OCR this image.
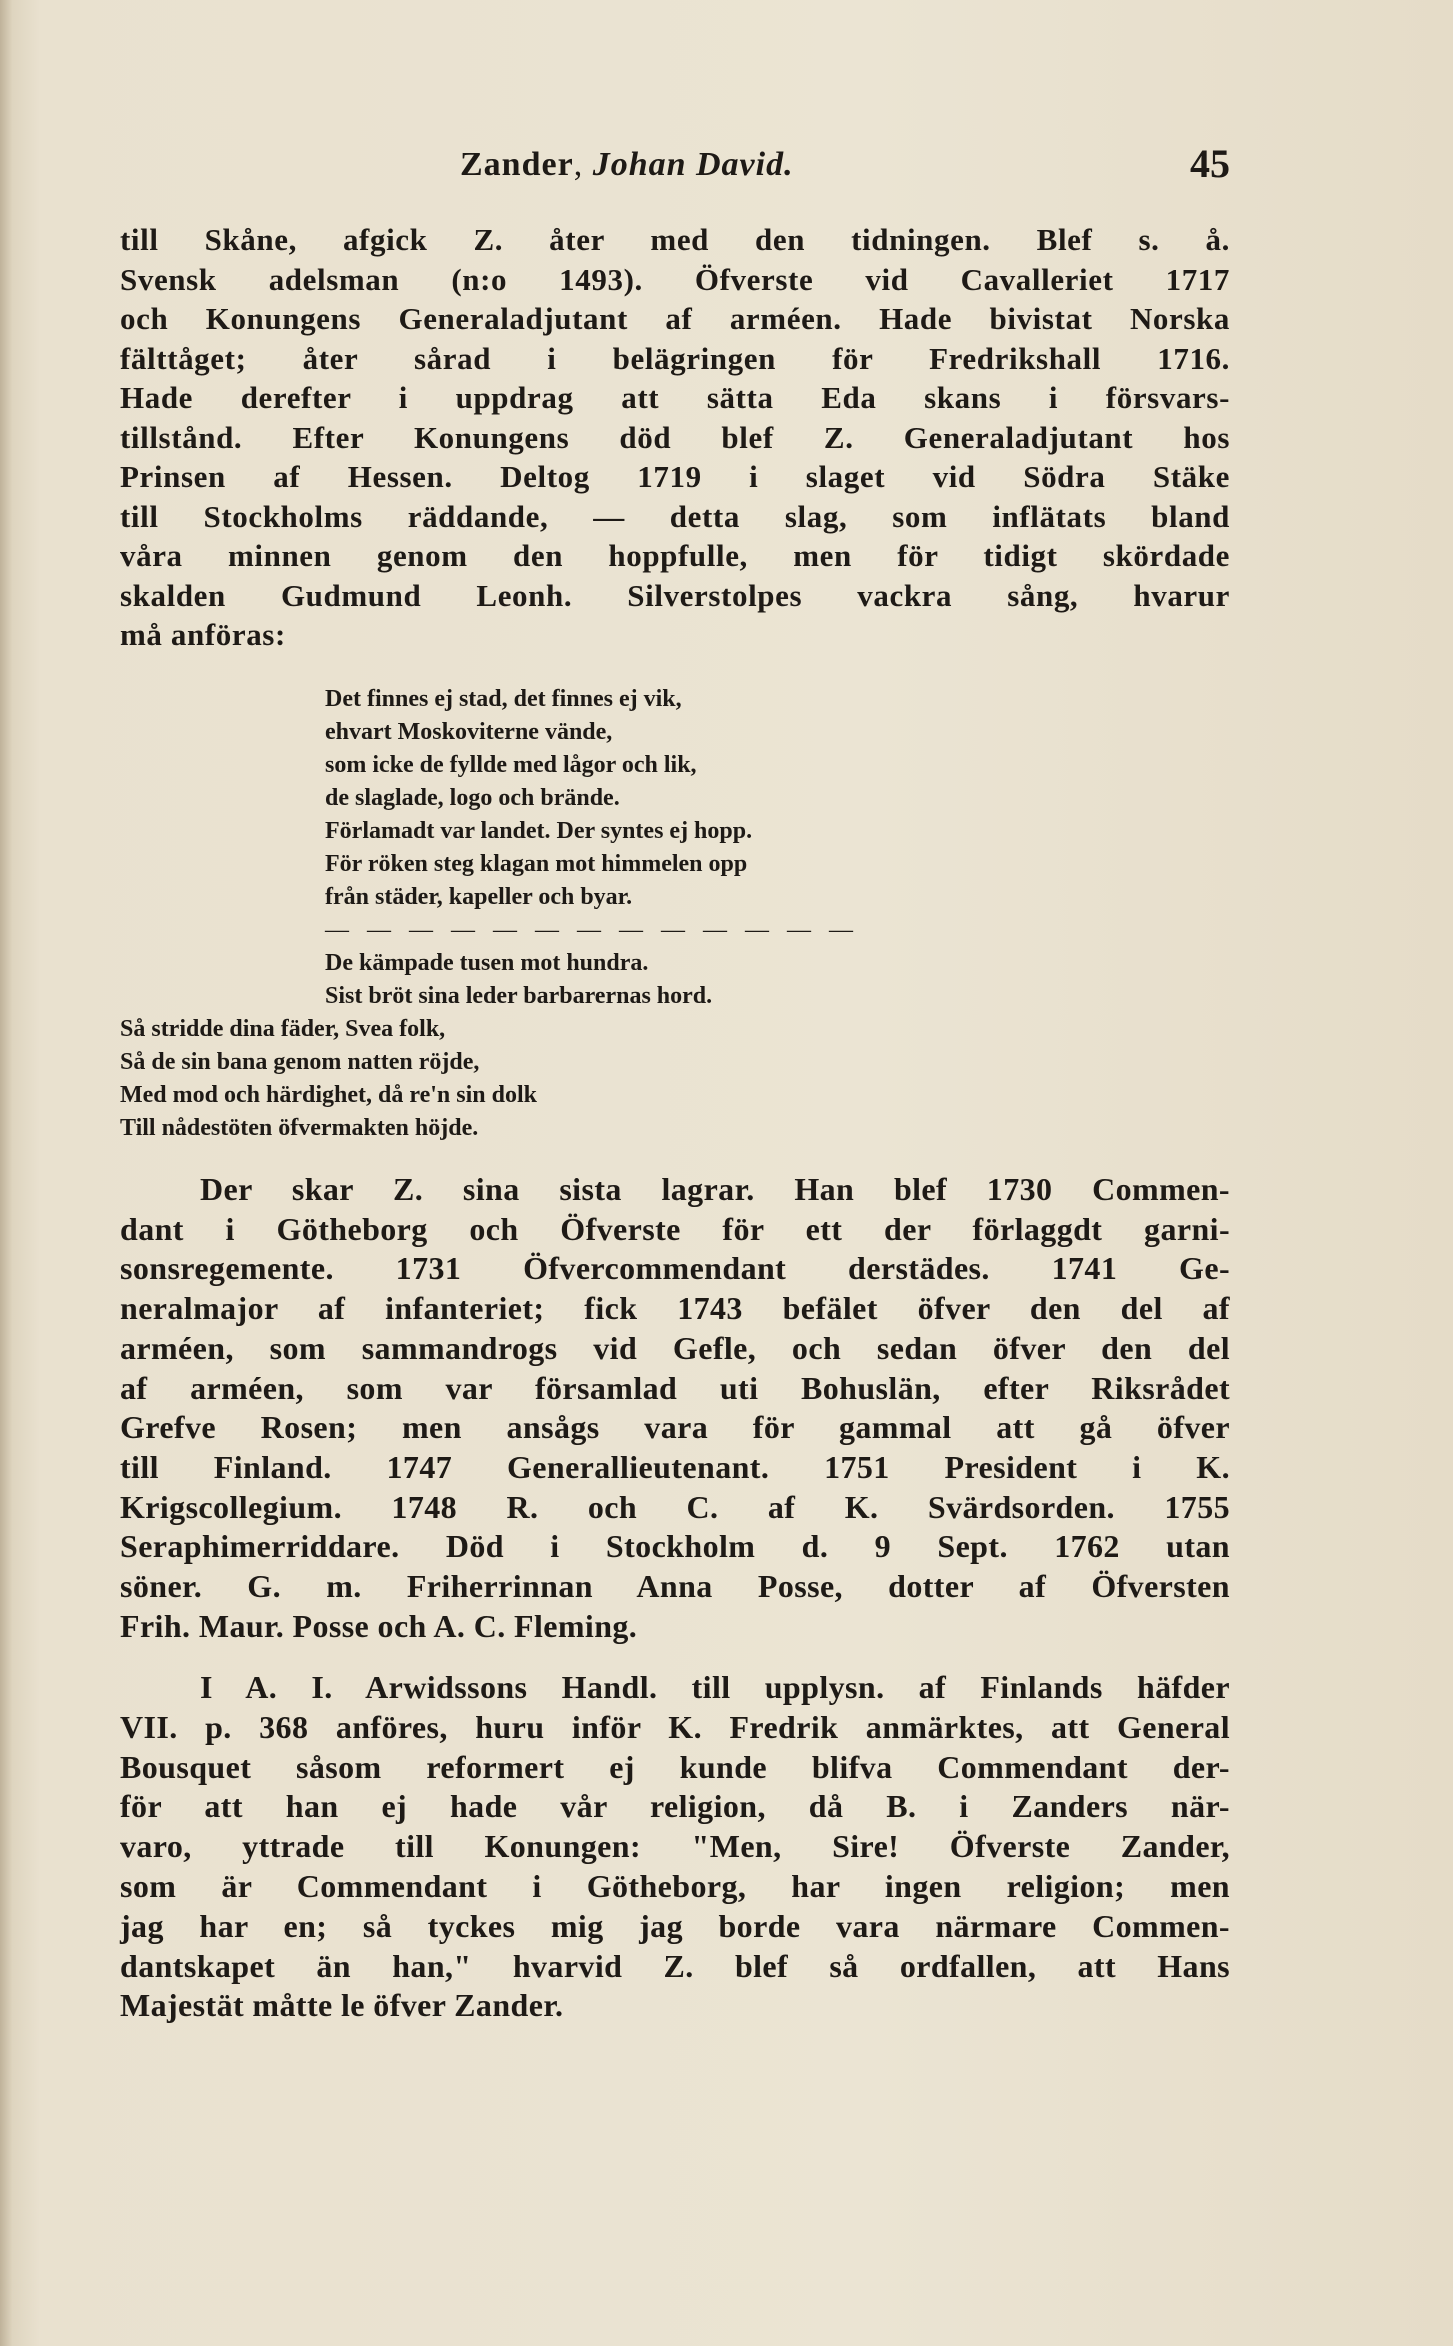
Zander, Johan David.	45
till Skåne, afgick Z. åter med den tidningen. Blef s. å.
Svensk adelsman (n:o 1493). Öfverste vid Cavalleriet 1717
och Konungens Generaladjutant af arméen. Hade bivistat Norska
fälttåget; åter sårad i belägringen för Fredrikshall 1716.
Hade derefter i uppdrag att sätta Eda skans i försvars-
tillstånd. Efter Konungens död blef Z. Generaladjutant hos
Prinsen af Hessen. Deltog 1719 i slaget vid Södra Stäke
till Stockholms räddande, — detta slag, som inflätats bland
våra minnen genom den hoppfulle, men för tidigt skördade
skalden Gudmund Leonh. Silverstolpes vackra sång, hvarur
må anföras:
Det finnes ej stad, det finnes ej vik,
ehvart Moskoviterne vände,
som icke de fyllde med lågor och lik,
de slaglade, logo och brände.
Förlamadt var landet. Der syntes ej hopp.
För röken steg klagan mot himmelen opp
från städer, kapeller och byar.
— — — — — — — — — — — — —
De kämpade tusen mot hundra.
Sist bröt sina leder barbarernas hord.
Så stridde dina fäder, Svea folk,
Så de sin bana genom natten röjde,
Med mod och härdighet, då re'n sin dolk
Till nådestöten öfvermakten höjde.
Der skar Z. sina sista lagrar. Han blef 1730 Commen-
dant i Götheborg och Öfverste för ett der förlaggdt garni-
sonsregemente. 1731 Öfvercommendant derstädes. 1741 Ge-
neralmajor af infanteriet; fick 1743 befälet öfver den del af
arméen, som sammandrogs vid Gefle, och sedan öfver den del
af arméen, som var församlad uti Bohuslän, efter Riksrådet
Grefve Rosen; men ansågs vara för gammal att gå öfver
till Finland. 1747 Generallieutenant. 1751 President i K.
Krigscollegium. 1748 R. och C. af K. Svärdsorden. 1755
Seraphimerriddare. Död i Stockholm d. 9 Sept. 1762 utan
söner. G. m. Friherrinnan Anna Posse, dotter af Öfversten
Frih. Maur. Posse och A. C. Fleming.
I A. I. Arwidssons Handl. till upplysn. af Finlands häfder
VII. p. 368 anföres, huru inför K. Fredrik anmärktes, att General
Bousquet såsom reformert ej kunde blifva Commendant der-
för att han ej hade vår religion, då B. i Zanders när-
varo, yttrade till Konungen: "Men, Sire! Öfverste Zander,
som är Commendant i Götheborg, har ingen religion; men
jag har en; så tyckes mig jag borde vara närmare Commen-
dantskapet än han," hvarvid Z. blef så ordfallen, att Hans
Majestät måtte le öfver Zander.
